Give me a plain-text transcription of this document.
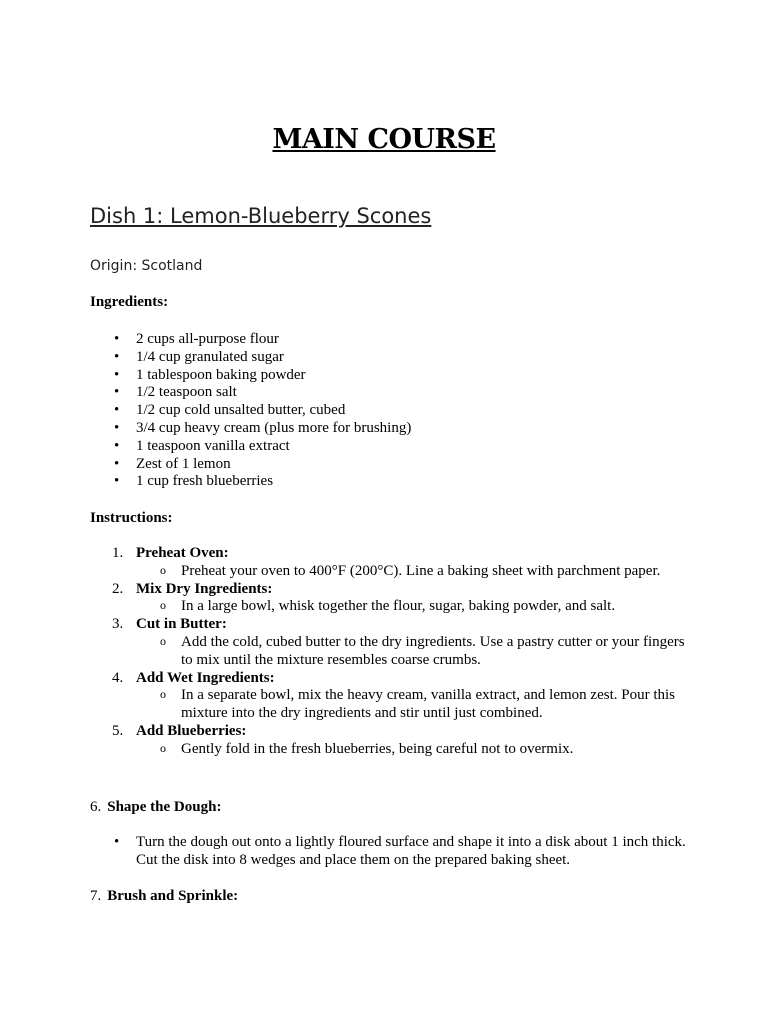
MAIN COURSE
Dish 1: Lemon-Blueberry Scones

Origin: Scotland

Ingredients:

• 2 cups all-purpose flour
• 1/4 cup granulated sugar
• 1 tablespoon baking powder
• 1/2 teaspoon salt
• 1/2 cup cold unsalted butter, cubed
• 3/4 cup heavy cream (plus more for brushing)
• 1 teaspoon vanilla extract
• Zest of 1 lemon
• 1 cup fresh blueberries

Instructions:

1. Preheat Oven:
o Preheat your oven to 400°F (200°C). Line a baking sheet with parchment paper.
2. Mix Dry Ingredients:
o In a large bowl, whisk together the flour, sugar, baking powder, and salt.
3. Cut in Butter:
o Add the cold, cubed butter to the dry ingredients. Use a pastry cutter or your fingers to mix until the mixture resembles coarse crumbs.
4. Add Wet Ingredients:
o In a separate bowl, mix the heavy cream, vanilla extract, and lemon zest. Pour this mixture into the dry ingredients and stir until just combined.
5. Add Blueberries:
o Gently fold in the fresh blueberries, being careful not to overmix.

6. Shape the Dough:

• Turn the dough out onto a lightly floured surface and shape it into a disk about 1 inch thick. Cut the disk into 8 wedges and place them on the prepared baking sheet.

7. Brush and Sprinkle:
